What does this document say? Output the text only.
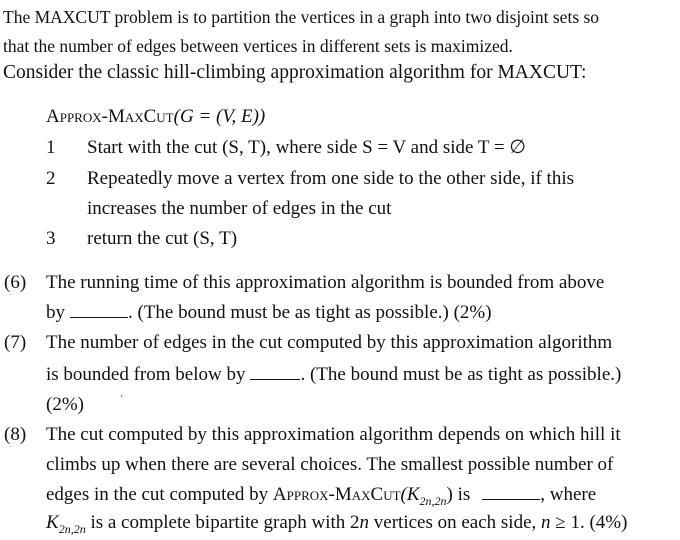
The MAXCUT problem is to partition the vertices in a graph into two disjoint sets so
that the number of edges between vertices in different sets is maximized.
Consider the classic hill-climbing approximation algorithm for MAXCUT:
Approx-MaxCut(G = (V, E))
1 Start with the cut (S, T), where side S = V and side T = ∅
2 Repeatedly move a vertex from one side to the other side, if this
increases the number of edges in the cut
3 return the cut (S, T)
(6) The running time of this approximation algorithm is bounded from above
by	. (The bound must be as tight as possible.) (2%)
(7) The number of edges in the cut computed by this approximation algorithm
is bounded from below by	. (The bound must be as tight as possible.)
(2%)	’
(8) The cut computed by this approximation algorithm depends on which hill it
climbs up when there are several choices. The smallest possible number of
edges in the cut computed by Approx-$MaxCut(K_{2n,2n})$ is	, where
$K_{2n,2n}$ is a complete bipartite graph with 2n vertices on each side, n ≥ 1. (4%)
